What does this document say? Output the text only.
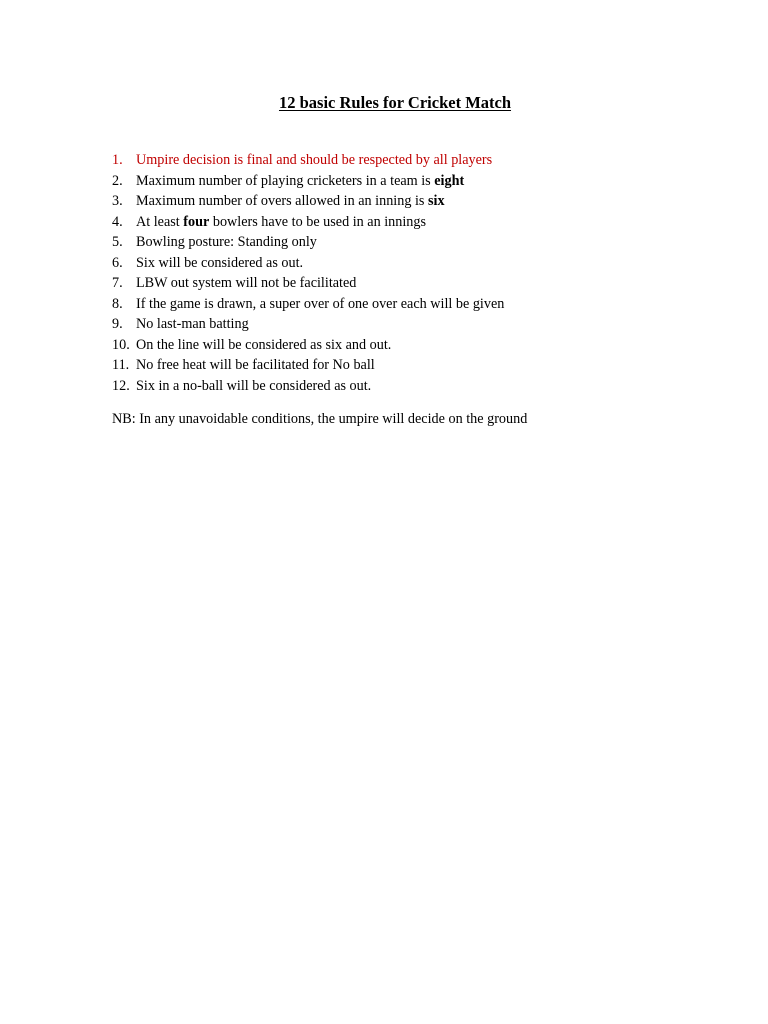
12 basic Rules for Cricket Match
1. Umpire decision is final and should be respected by all players
2. Maximum number of playing cricketers in a team is eight
3. Maximum number of overs allowed in an inning is six
4. At least four bowlers have to be used in an innings
5. Bowling posture: Standing only
6. Six will be considered as out.
7. LBW out system will not be facilitated
8. If the game is drawn, a super over of one over each will be given
9. No last-man batting
10. On the line will be considered as six and out.
11. No free heat will be facilitated for No ball
12. Six in a no-ball will be considered as out.
NB: In any unavoidable conditions, the umpire will decide on the ground
